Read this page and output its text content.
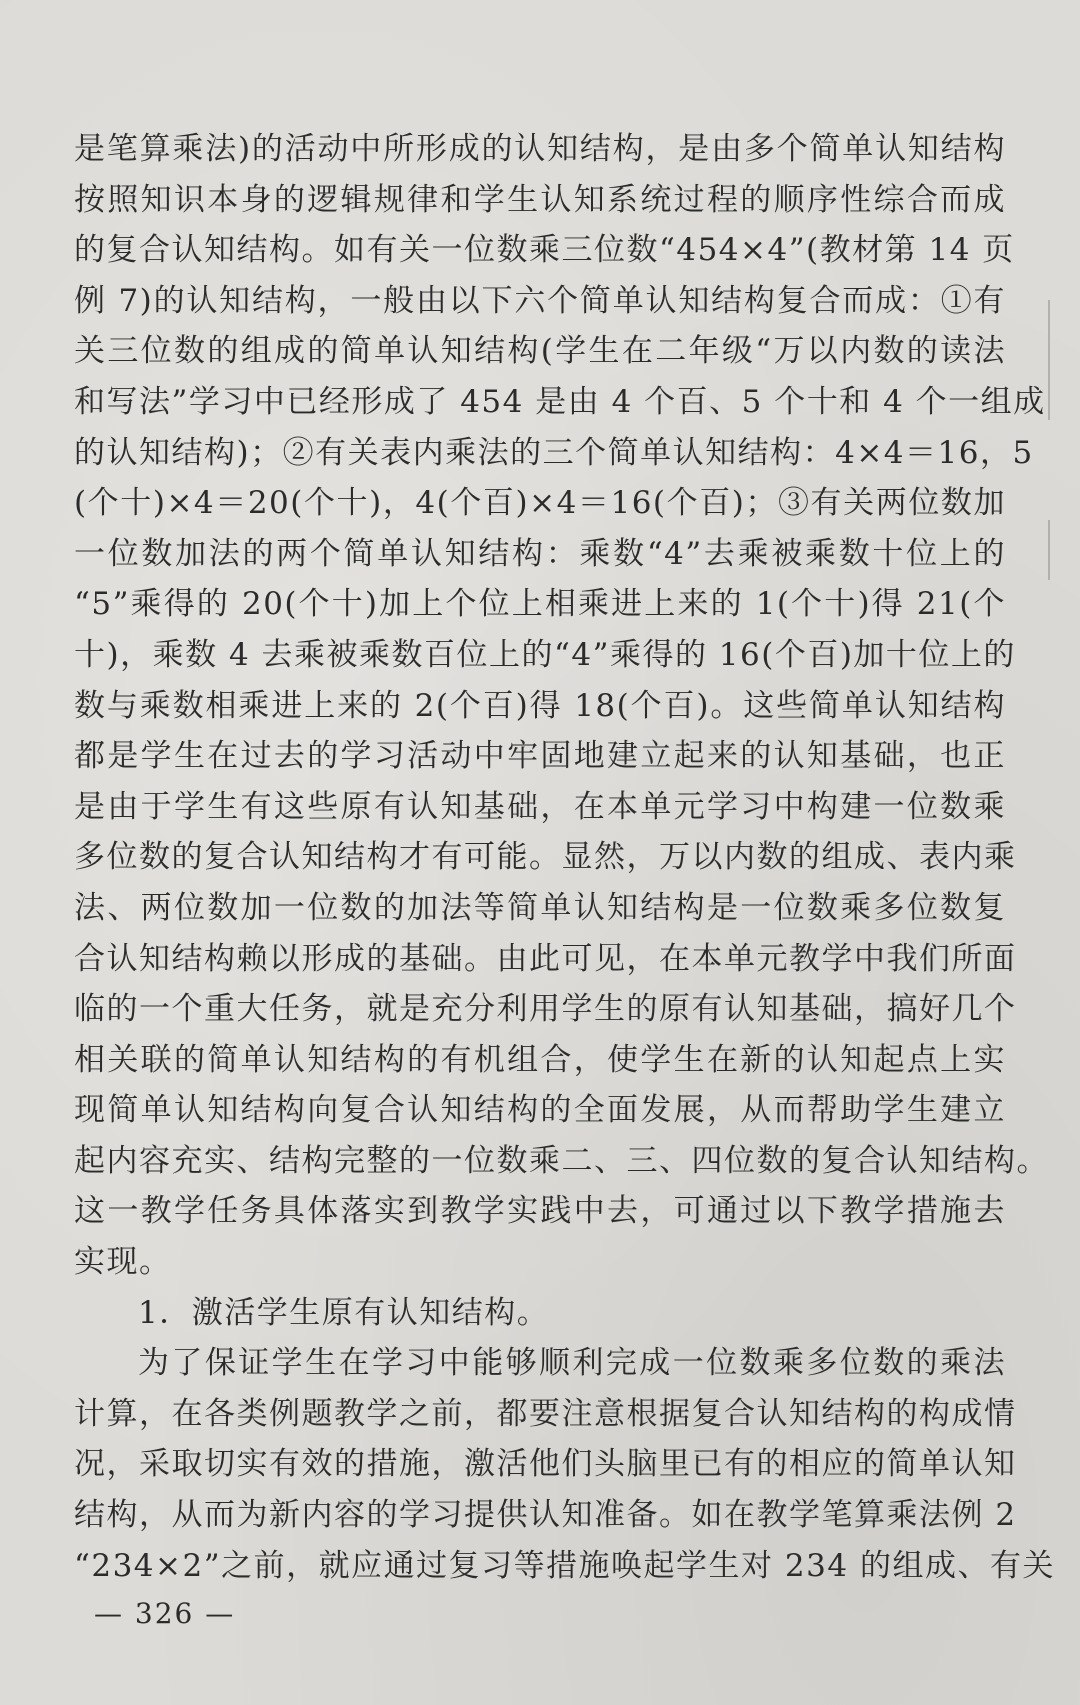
是笔算乘法)的活动中所形成的认知结构，是由多个简单认知结构
按照知识本身的逻辑规律和学生认知系统过程的顺序性综合而成
的复合认知结构。如有关一位数乘三位数“454×4”(教材第 14 页
例 7)的认知结构，一般由以下六个简单认知结构复合而成：①有
关三位数的组成的简单认知结构(学生在二年级“万以内数的读法
和写法”学习中已经形成了 454 是由 4 个百、5 个十和 4 个一组成
的认知结构)；②有关表内乘法的三个简单认知结构：4×4＝16，5
(个十)×4＝20(个十)，4(个百)×4＝16(个百)；③有关两位数加
一位数加法的两个简单认知结构：乘数“4”去乘被乘数十位上的
“5”乘得的 20(个十)加上个位上相乘进上来的 1(个十)得 21(个
十)，乘数 4 去乘被乘数百位上的“4”乘得的 16(个百)加十位上的
数与乘数相乘进上来的 2(个百)得 18(个百)。这些简单认知结构
都是学生在过去的学习活动中牢固地建立起来的认知基础，也正
是由于学生有这些原有认知基础，在本单元学习中构建一位数乘
多位数的复合认知结构才有可能。显然，万以内数的组成、表内乘
法、两位数加一位数的加法等简单认知结构是一位数乘多位数复
合认知结构赖以形成的基础。由此可见，在本单元教学中我们所面
临的一个重大任务，就是充分利用学生的原有认知基础，搞好几个
相关联的简单认知结构的有机组合，使学生在新的认知起点上实
现简单认知结构向复合认知结构的全面发展，从而帮助学生建立
起内容充实、结构完整的一位数乘二、三、四位数的复合认知结构。
这一教学任务具体落实到教学实践中去，可通过以下教学措施去
实现。
1．激活学生原有认知结构。
为了保证学生在学习中能够顺利完成一位数乘多位数的乘法
计算，在各类例题教学之前，都要注意根据复合认知结构的构成情
况，采取切实有效的措施，激活他们头脑里已有的相应的简单认知
结构，从而为新内容的学习提供认知准备。如在教学笔算乘法例 2
“234×2”之前，就应通过复习等措施唤起学生对 234 的组成、有关
— 326 —
